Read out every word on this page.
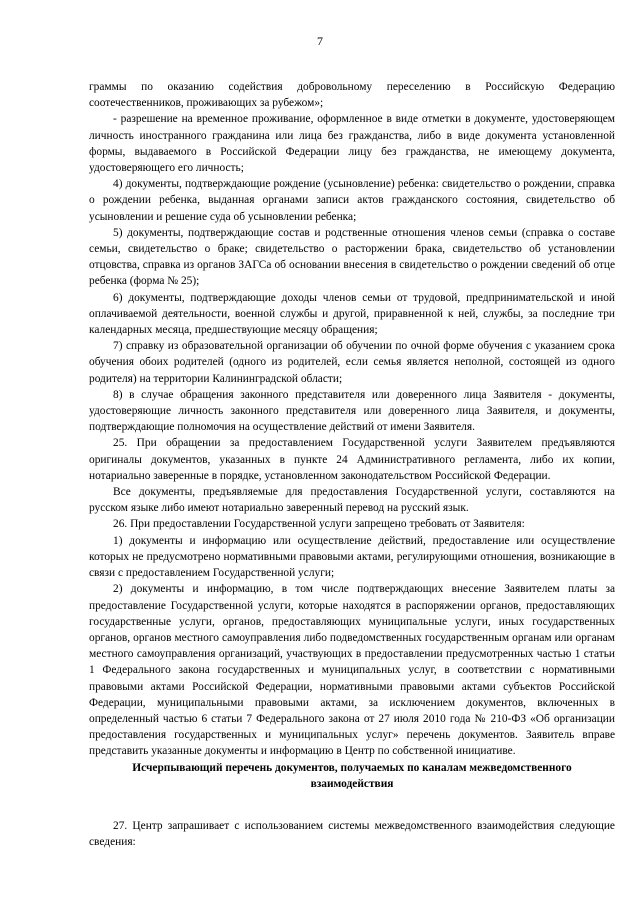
7

граммы по оказанию содействия добровольному переселению в Российскую Федерацию соотечественников, проживающих за рубежом»;

- разрешение на временное проживание, оформленное в виде отметки в документе, удостоверяющем личность иностранного гражданина или лица без гражданства, либо в виде документа установленной формы, выдаваемого в Российской Федерации лицу без гражданства, не имеющему документа, удостоверяющего его личность;

4) документы, подтверждающие рождение (усыновление) ребенка: свидетельство о рождении, справка о рождении ребенка, выданная органами записи актов гражданского состояния, свидетельство об усыновлении и решение суда об усыновлении ребенка;

5) документы, подтверждающие состав и родственные отношения членов семьи (справка о составе семьи, свидетельство о браке; свидетельство о расторжении брака, свидетельство об установлении отцовства, справка из органов ЗАГСа об основании внесения в свидетельство о рождении сведений об отце ребенка (форма № 25);

6) документы, подтверждающие доходы членов семьи от трудовой, предпринимательской и иной оплачиваемой деятельности, военной службы и другой, приравненной к ней, службы, за последние три календарных месяца, предшествующие месяцу обращения;

7) справку из образовательной организации об обучении по очной форме обучения с указанием срока обучения обоих родителей (одного из родителей, если семья является неполной, состоящей из одного родителя) на территории Калининградской области;

8) в случае обращения законного представителя или доверенного лица Заявителя - документы, удостоверяющие личность законного представителя или доверенного лица Заявителя, и документы, подтверждающие полномочия на осуществление действий от имени Заявителя.

25. При обращении за предоставлением Государственной услуги Заявителем предъявляются оригиналы документов, указанных в пункте 24 Административного регламента, либо их копии, нотариально заверенные в порядке, установленном законодательством Российской Федерации.

Все документы, предъявляемые для предоставления Государственной услуги, составляются на русском языке либо имеют нотариально заверенный перевод на русский язык.

26. При предоставлении Государственной услуги запрещено требовать от Заявителя:

1) документы и информацию или осуществление действий, предоставление или осуществление которых не предусмотрено нормативными правовыми актами, регулирующими отношения, возникающие в связи с предоставлением Государственной услуги;

2) документы и информацию, в том числе подтверждающих внесение Заявителем платы за предоставление Государственной услуги, которые находятся в распоряжении органов, предоставляющих государственные услуги, органов, предоставляющих муниципальные услуги, иных государственных органов, органов местного самоуправления либо подведомственных государственным органам или органам местного самоуправления организаций, участвующих в предоставлении предусмотренных частью 1 статьи 1 Федерального закона государственных и муниципальных услуг, в соответствии с нормативными правовыми актами Российской Федерации, нормативными правовыми актами субъектов Российской Федерации, муниципальными правовыми актами, за исключением документов, включенных в определенный частью 6 статьи 7 Федерального закона от 27 июля 2010 года № 210-ФЗ «Об организации предоставления государственных и муниципальных услуг» перечень документов. Заявитель вправе представить указанные документы и информацию в Центр по собственной инициативе.

Исчерпывающий перечень документов, получаемых по каналам межведомственного взаимодействия

27. Центр запрашивает с использованием системы межведомственного взаимодействия следующие сведения:
